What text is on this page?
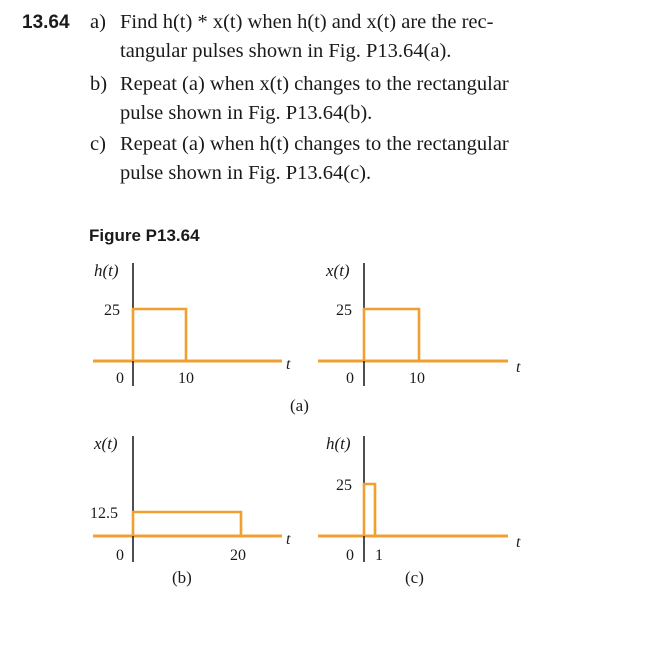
13.64 a) Find h(t) * x(t) when h(t) and x(t) are the rec-
tangular pulses shown in Fig. P13.64(a).
b) Repeat (a) when x(t) changes to the rectangular
pulse shown in Fig. P13.64(b).
c) Repeat (a) when h(t) changes to the rectangular
pulse shown in Fig. P13.64(c).
Figure P13.64
h(t)
25
0	10
t
x(t)
25
0	10
t
(a)
x(t)
12.5
0	20
t
(b)
h(t)
25
0 1
t
(c)
